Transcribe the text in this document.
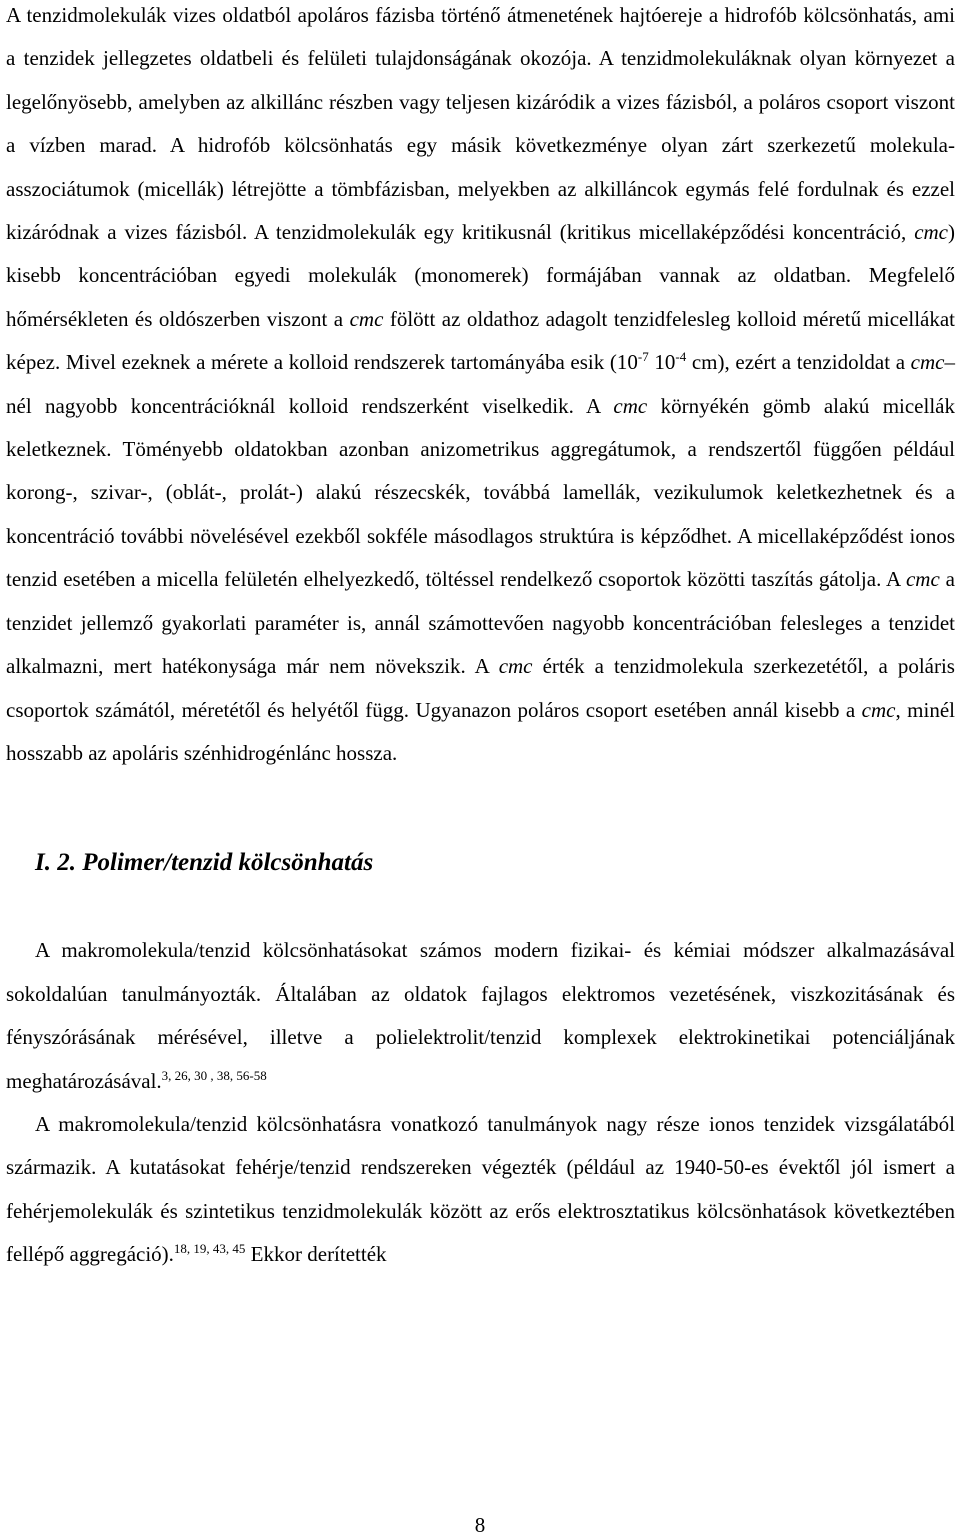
A tenzidmolekulák vizes oldatból apoláros fázisba történő átmenetének hajtóereje a hidrofób kölcsönhatás, ami a tenzidek jellegzetes oldatbeli és felületi tulajdonságának okozója. A tenzidmolekuláknak olyan környezet a legelőnyösebb, amelyben az alkillánc részben vagy teljesen kizáródik a vizes fázisból, a poláros csoport viszont a vízben marad. A hidrofób kölcsönhatás egy másik következménye olyan zárt szerkezetű molekula-asszociátumok (micellák) létrejötte a tömbfázisban, melyekben az alkilláncok egymás felé fordulnak és ezzel kizáródnak a vizes fázisból. A tenzidmolekulák egy kritikusnál (kritikus micellaképződési koncentráció, cmc) kisebb koncentrációban egyedi molekulák (monomerek) formájában vannak az oldatban. Megfelelő hőmérsékleten és oldószerben viszont a cmc fölött az oldathoz adagolt tenzidfelesleg kolloid méretű micellákat képez. Mivel ezeknek a mérete a kolloid rendszerek tartományába esik ($10^{-7}$ $10^{-4}$ cm), ezért a tenzidoldat a cmc–nél nagyobb koncentrációknál kolloid rendszerként viselkedik. A cmc környékén gömb alakú micellák keletkeznek. Töményebb oldatokban azonban anizometrikus aggregátumok, a rendszertől függően például korong-, szivar-, (oblát-, prolát-) alakú részecskék, továbbá lamellák, vezikulumok keletkezhetnek és a koncentráció további növelésével ezekből sokféle másodlagos struktúra is képződhet. A micellaképződést ionos tenzid esetében a micella felületén elhelyezkedő, töltéssel rendelkező csoportok közötti taszítás gátolja. A cmc a tenzidet jellemző gyakorlati paraméter is, annál számottevően nagyobb koncentrációban felesleges a tenzidet alkalmazni, mert hatékonysága már nem növekszik. A cmc érték a tenzidmolekula szerkezetétől, a poláris csoportok számától, méretétől és helyétől függ. Ugyanazon poláros csoport esetében annál kisebb a cmc, minél hosszabb az apoláris szénhidrogénlánc hossza.

I. 2. Polimer/tenzid kölcsönhatás

A makromolekula/tenzid kölcsönhatásokat számos modern fizikai- és kémiai módszer alkalmazásával sokoldalúan tanulmányozták. Általában az oldatok fajlagos elektromos vezetésének, viszkozitásának és fényszórásának mérésével, illetve a polielektrolit/tenzid komplexek elektrokinetikai potenciáljának meghatározásával.$^{3, 26, 30 , 38, 56-58}$

A makromolekula/tenzid kölcsönhatásra vonatkozó tanulmányok nagy része ionos tenzidek vizsgálatából származik. A kutatásokat fehérje/tenzid rendszereken végezték (például az 1940-50-es évektől jól ismert a fehérjemolekulák és szintetikus tenzidmolekulák között az erős elektrosztatikus kölcsönhatások következtében fellépő aggregáció).$^{18, 19, 43, 45}$ Ekkor derítették

8
